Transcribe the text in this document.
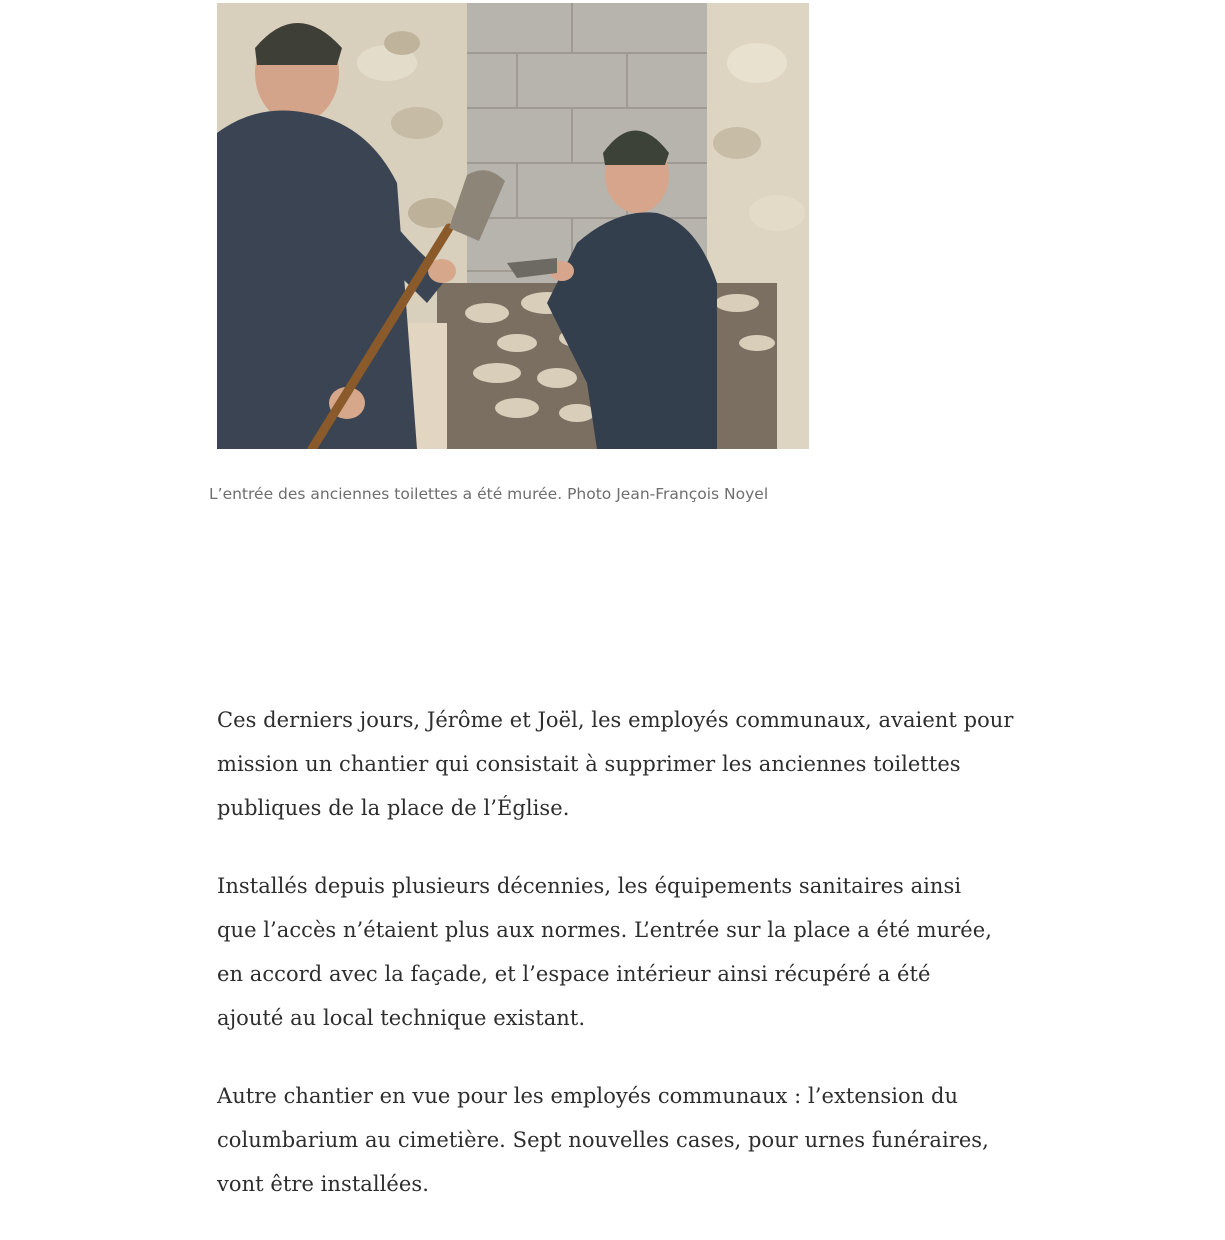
L’entrée des anciennes toilettes a été murée. Photo Jean-François Noyel

Ces derniers jours, Jérôme et Joël, les employés communaux, avaient pour mission un chantier qui consistait à supprimer les anciennes toilettes publiques de la place de l’Église.

Installés depuis plusieurs décennies, les équipements sanitaires ainsi que l’accès n’étaient plus aux normes. L’entrée sur la place a été murée, en accord avec la façade, et l’espace intérieur ainsi récupéré a été ajouté au local technique existant.

Autre chantier en vue pour les employés communaux : l’extension du columbarium au cimetière. Sept nouvelles cases, pour urnes funéraires, vont être installées.
